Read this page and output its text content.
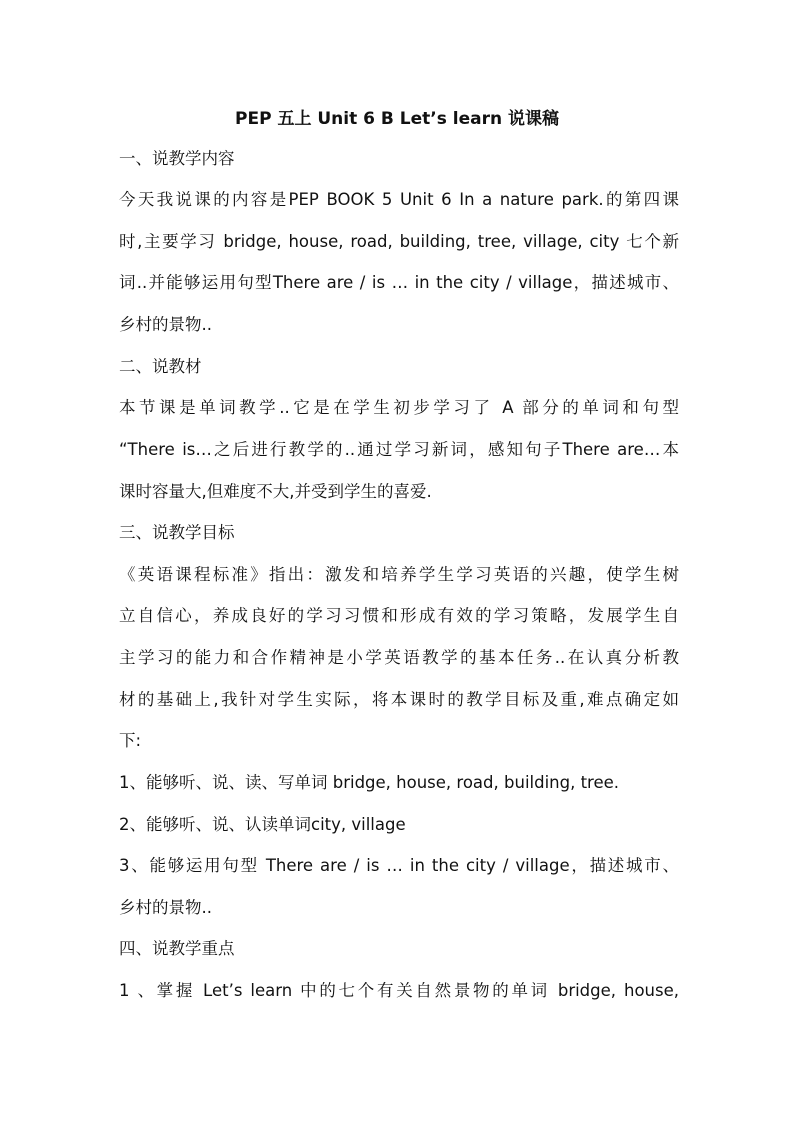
PEP 五上 Unit 6 B Let’s learn 说课稿
一、说教学内容
今天我说课的内容是PEP BOOK 5 Unit 6 In a nature park.的第四课
时,主要学习 bridge, house, road, building, tree, village, city 七个新
词..并能够运用句型There are / is … in the city / village，描述城市、
乡村的景物..
二、说教材
本节课是单词教学..它是在学生初步学习了 A 部分的单词和句型
“There is…之后进行教学的..通过学习新词，感知句子There are…本
课时容量大,但难度不大,并受到学生的喜爱.
三、说教学目标
《英语课程标准》指出：激发和培养学生学习英语的兴趣，使学生树
立自信心，养成良好的学习习惯和形成有效的学习策略，发展学生自
主学习的能力和合作精神是小学英语教学的基本任务..在认真分析教
材的基础上,我针对学生实际，将本课时的教学目标及重,难点确定如
下:
1、能够听、说、读、写单词 bridge, house, road, building, tree.
2、能够听、说、认读单词city, village
3、能够运用句型 There are / is … in the city / village，描述城市、
乡村的景物..
四、说教学重点
1 、掌握 Let’s learn 中的七个有关自然景物的单词 bridge, house,
